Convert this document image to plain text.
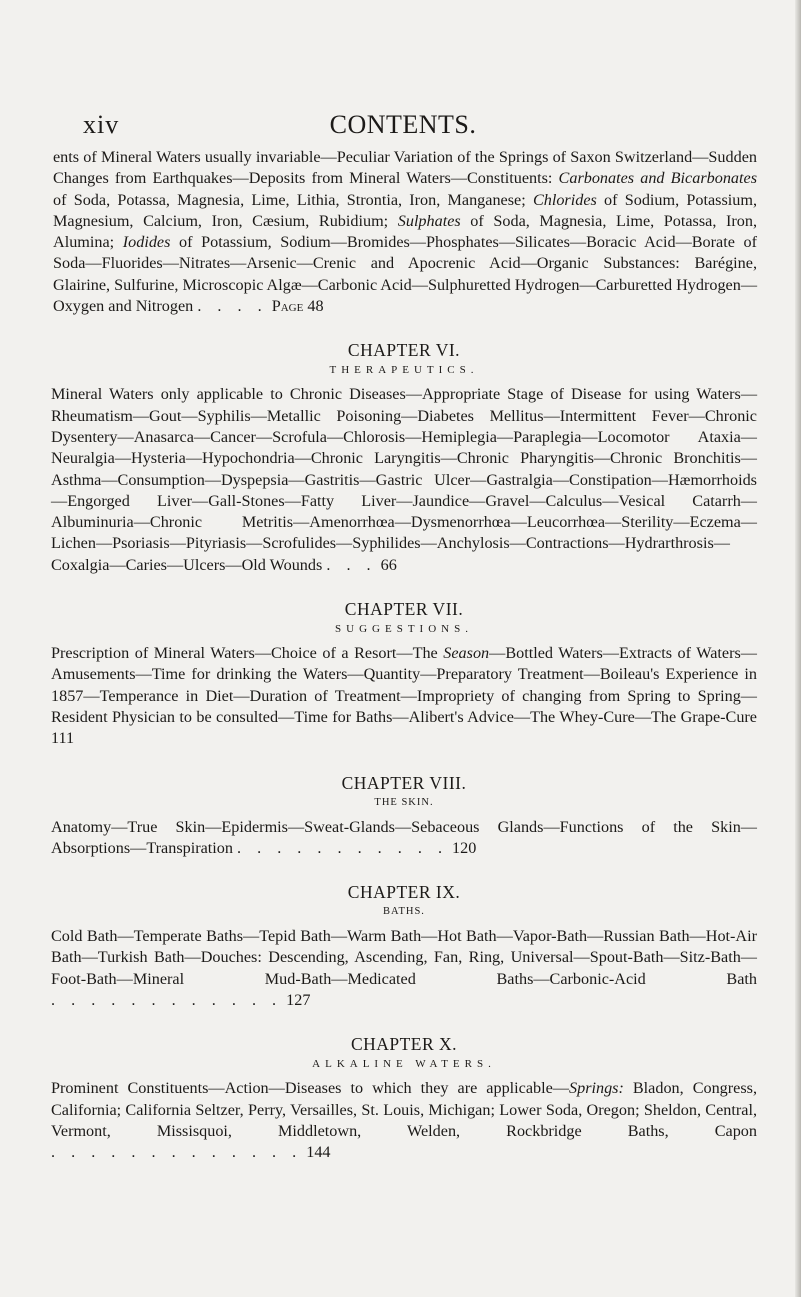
xiv	CONTENTS.

ents of Mineral Waters usually invariable—Peculiar Variation of the Springs of Saxon Switzerland—Sudden Changes from Earthquakes—Deposits from Mineral Waters—Constituents: Carbonates and Bicarbonates of Soda, Potassa, Magnesia, Lime, Lithia, Strontia, Iron, Manganese; Chlorides of Sodium, Potassium, Magnesium, Calcium, Iron, Cæsium, Rubidium; Sulphates of Soda, Magnesia, Lime, Potassa, Iron, Alumina; Iodides of Potassium, Sodium—Bromides—Phosphates—Silicates—Boracic Acid—Borate of Soda—Fluorides—Nitrates—Arsenic—Crenic and Apocrenic Acid—Organic Substances: Barégine, Glairine, Sulfurine, Microscopic Algæ—Carbonic Acid—Sulphuretted Hydrogen—Carburetted Hydrogen—Oxygen and Nitrogen . . . . Page 48

CHAPTER VI.
THERAPEUTICS.

Mineral Waters only applicable to Chronic Diseases—Appropriate Stage of Disease for using Waters—Rheumatism—Gout—Syphilis—Metallic Poisoning—Diabetes Mellitus—Intermittent Fever—Chronic Dysentery—Anasarca—Cancer—Scrofula—Chlorosis—Hemiplegia—Paraplegia—Locomotor Ataxia—Neuralgia—Hysteria—Hypochondria—Chronic Laryngitis—Chronic Pharyngitis—Chronic Bronchitis—Asthma—Consumption—Dyspepsia—Gastritis—Gastric Ulcer—Gastralgia—Constipation—Hæmorrhoids—Engorged Liver—Gall-Stones—Fatty Liver—Jaundice—Gravel—Calculus—Vesical Catarrh—Albuminuria—Chronic Metritis—Amenorrhœa—Dysmenorrhœa—Leucorrhœa—Sterility—Eczema—Lichen—Psoriasis—Pityriasis—Scrofulides—Syphilides—Anchylosis—Contractions—Hydrarthrosis—Coxalgia—Caries—Ulcers—Old Wounds . . . 66

CHAPTER VII.
SUGGESTIONS.

Prescription of Mineral Waters—Choice of a Resort—The Season—Bottled Waters—Extracts of Waters—Amusements—Time for drinking the Waters—Quantity—Preparatory Treatment—Boileau's Experience in 1857—Temperance in Diet—Duration of Treatment—Impropriety of changing from Spring to Spring—Resident Physician to be consulted—Time for Baths—Alibert's Advice—The Whey-Cure—The Grape-Cure 111

CHAPTER VIII.
THE SKIN.

Anatomy—True Skin—Epidermis—Sweat-Glands—Sebaceous Glands—Functions of the Skin—Absorptions—Transpiration . . . . . . . . . . . 120

CHAPTER IX.
BATHS.

Cold Bath—Temperate Baths—Tepid Bath—Warm Bath—Hot Bath—Vapor-Bath—Russian Bath—Hot-Air Bath—Turkish Bath—Douches: Descending, Ascending, Fan, Ring, Universal—Spout-Bath—Sitz-Bath—Foot-Bath—Mineral Mud-Bath—Medicated Baths—Carbonic-Acid Bath . . . . . . . . . . . . 127

CHAPTER X.
ALKALINE WATERS.

Prominent Constituents—Action—Diseases to which they are applicable—Springs: Bladon, Congress, California; California Seltzer, Perry, Versailles, St. Louis, Michigan; Lower Soda, Oregon; Sheldon, Central, Vermont, Missisquoi, Middletown, Welden, Rockbridge Baths, Capon . . . . . . . . . . . . . 144
